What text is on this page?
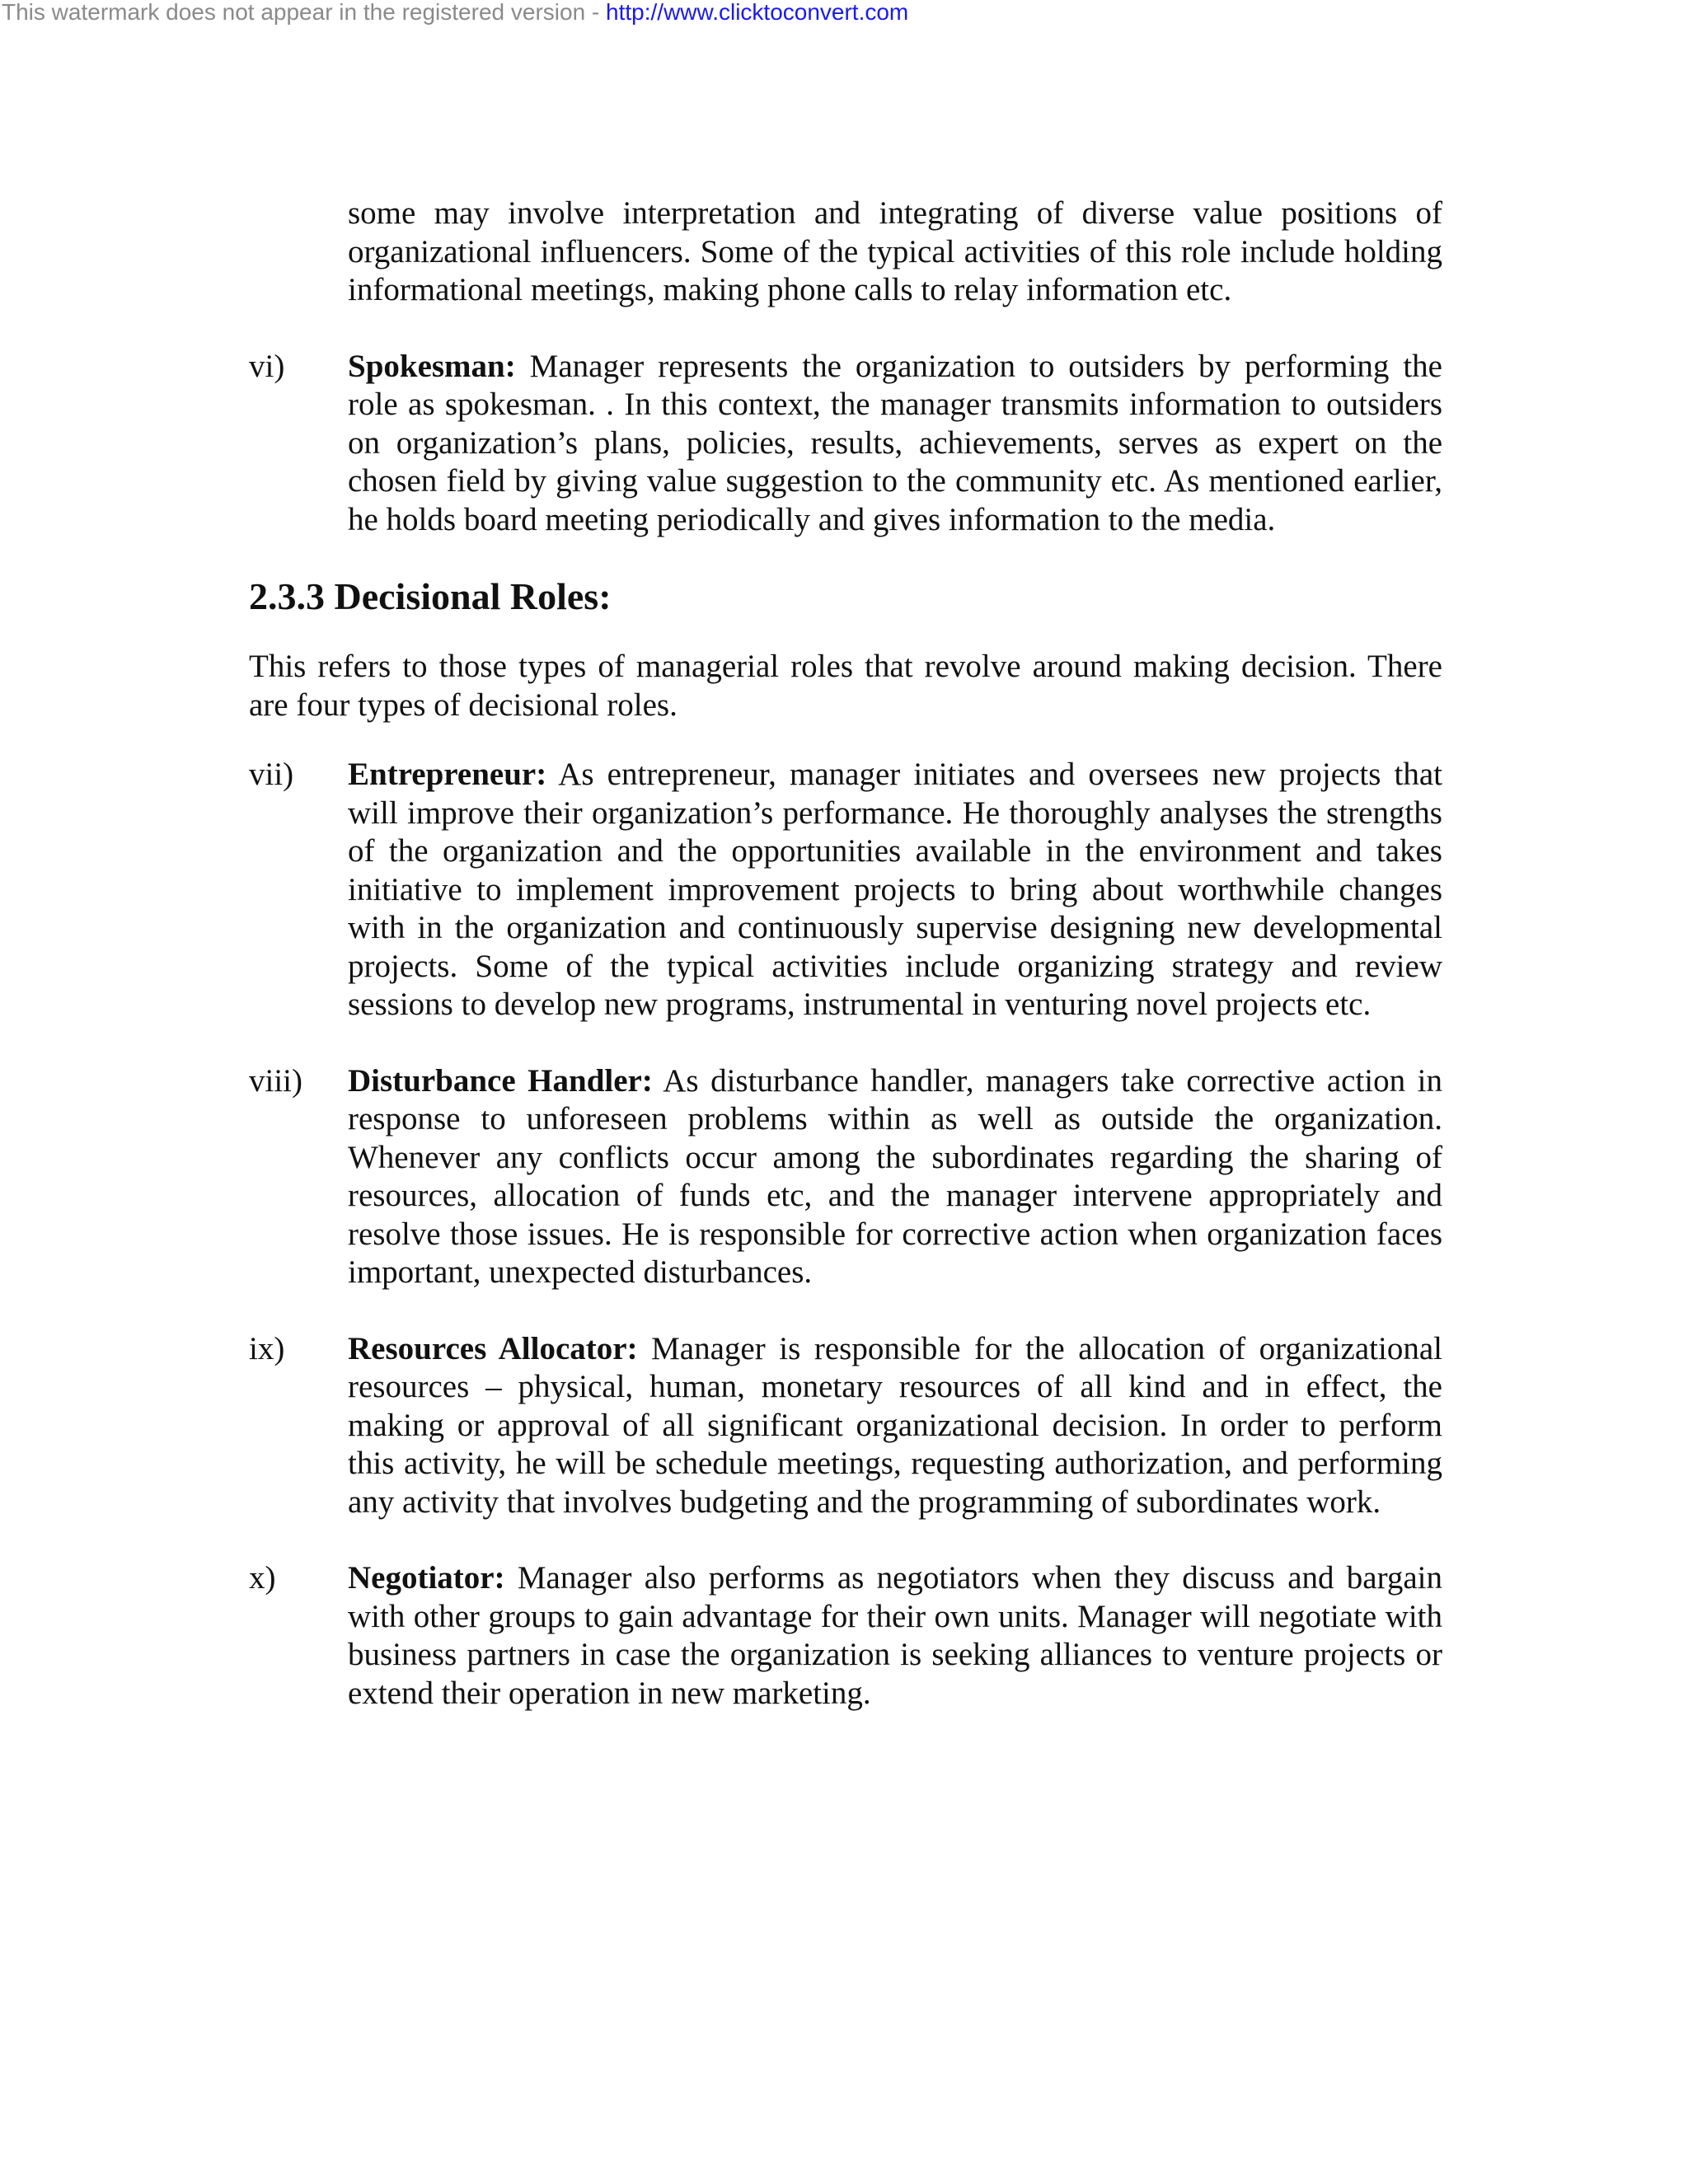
This watermark does not appear in the registered version - http://www.clicktoconvert.com

some may involve interpretation and integrating of diverse value positions of organizational influencers. Some of the typical activities of this role include holding informational meetings, making phone calls to relay information etc.

vi)	Spokesman: Manager represents the organization to outsiders by performing the role as spokesman. . In this context, the manager transmits information to outsiders on organization’s plans, policies, results, achievements, serves as expert on the chosen field by giving value suggestion to the community etc. As mentioned earlier, he holds board meeting periodically and gives information to the media.
2.3.3 Decisional Roles:

This refers to those types of managerial roles that revolve around making decision. There are four types of decisional roles.

vii)	Entrepreneur: As entrepreneur, manager initiates and oversees new projects that will improve their organization’s performance. He thoroughly analyses the strengths of the organization and the opportunities available in the environment and takes initiative to implement improvement projects to bring about worthwhile changes with in the organization and continuously supervise designing new developmental projects. Some of the typical activities include organizing strategy and review sessions to develop new programs, instrumental in venturing novel projects etc.
viii)	Disturbance Handler: As disturbance handler, managers take corrective action in response to unforeseen problems within as well as outside the organization. Whenever any conflicts occur among the subordinates regarding the sharing of resources, allocation of funds etc, and the manager intervene appropriately and resolve those issues. He is responsible for corrective action when organization faces important, unexpected disturbances.
ix)	Resources Allocator: Manager is responsible for the allocation of organizational resources – physical, human, monetary resources of all kind and in effect, the making or approval of all significant organizational decision. In order to perform this activity, he will be schedule meetings, requesting authorization, and performing any activity that involves budgeting and the programming of subordinates work.
x)	Negotiator: Manager also performs as negotiators when they discuss and bargain with other groups to gain advantage for their own units. Manager will negotiate with business partners in case the organization is seeking alliances to venture projects or extend their operation in new marketing.
